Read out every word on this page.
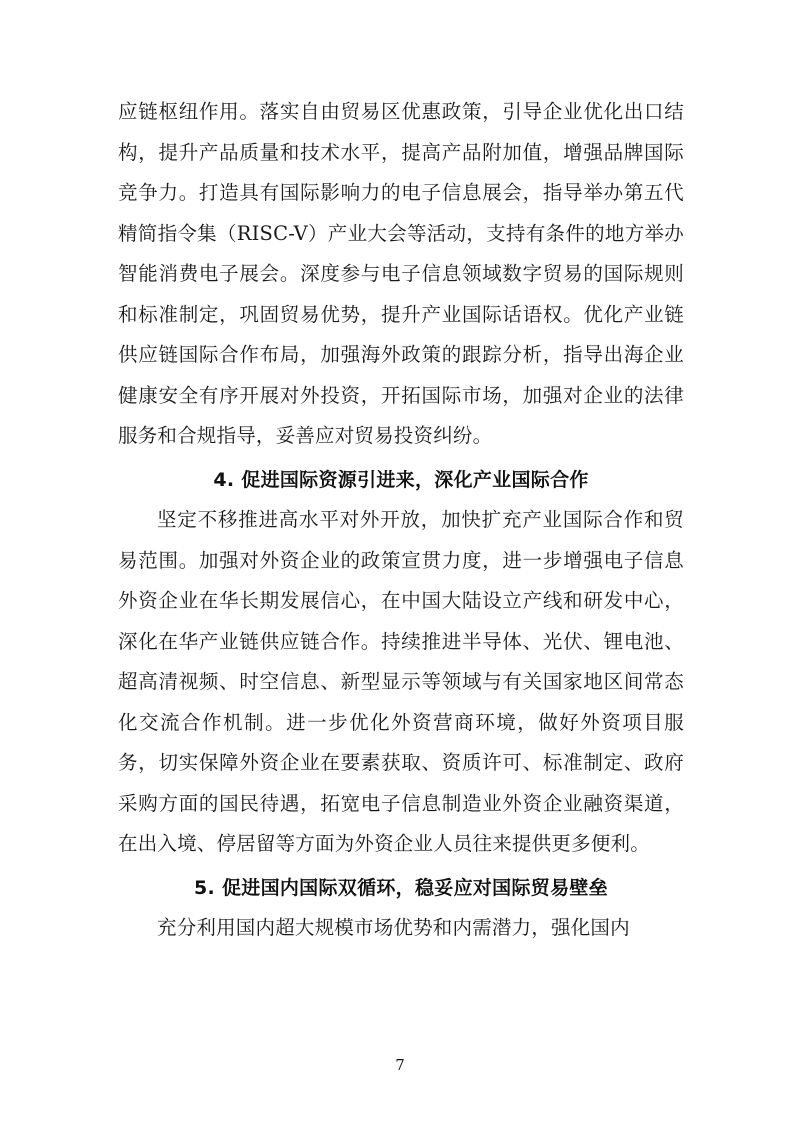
应链枢纽作用。落实自由贸易区优惠政策，引导企业优化出口结构，提升产品质量和技术水平，提高产品附加值，增强品牌国际竞争力。打造具有国际影响力的电子信息展会，指导举办第五代精简指令集（RISC-V）产业大会等活动，支持有条件的地方举办智能消费电子展会。深度参与电子信息领域数字贸易的国际规则和标准制定，巩固贸易优势，提升产业国际话语权。优化产业链供应链国际合作布局，加强海外政策的跟踪分析，指导出海企业健康安全有序开展对外投资，开拓国际市场，加强对企业的法律服务和合规指导，妥善应对贸易投资纠纷。

4. 促进国际资源引进来，深化产业国际合作

坚定不移推进高水平对外开放，加快扩充产业国际合作和贸易范围。加强对外资企业的政策宣贯力度，进一步增强电子信息外资企业在华长期发展信心，在中国大陆设立产线和研发中心，深化在华产业链供应链合作。持续推进半导体、光伏、锂电池、超高清视频、时空信息、新型显示等领域与有关国家地区间常态化交流合作机制。进一步优化外资营商环境，做好外资项目服务，切实保障外资企业在要素获取、资质许可、标准制定、政府采购方面的国民待遇，拓宽电子信息制造业外资企业融资渠道，在出入境、停居留等方面为外资企业人员往来提供更多便利。

5. 促进国内国际双循环，稳妥应对国际贸易壁垒

充分利用国内超大规模市场优势和内需潜力，强化国内

7
